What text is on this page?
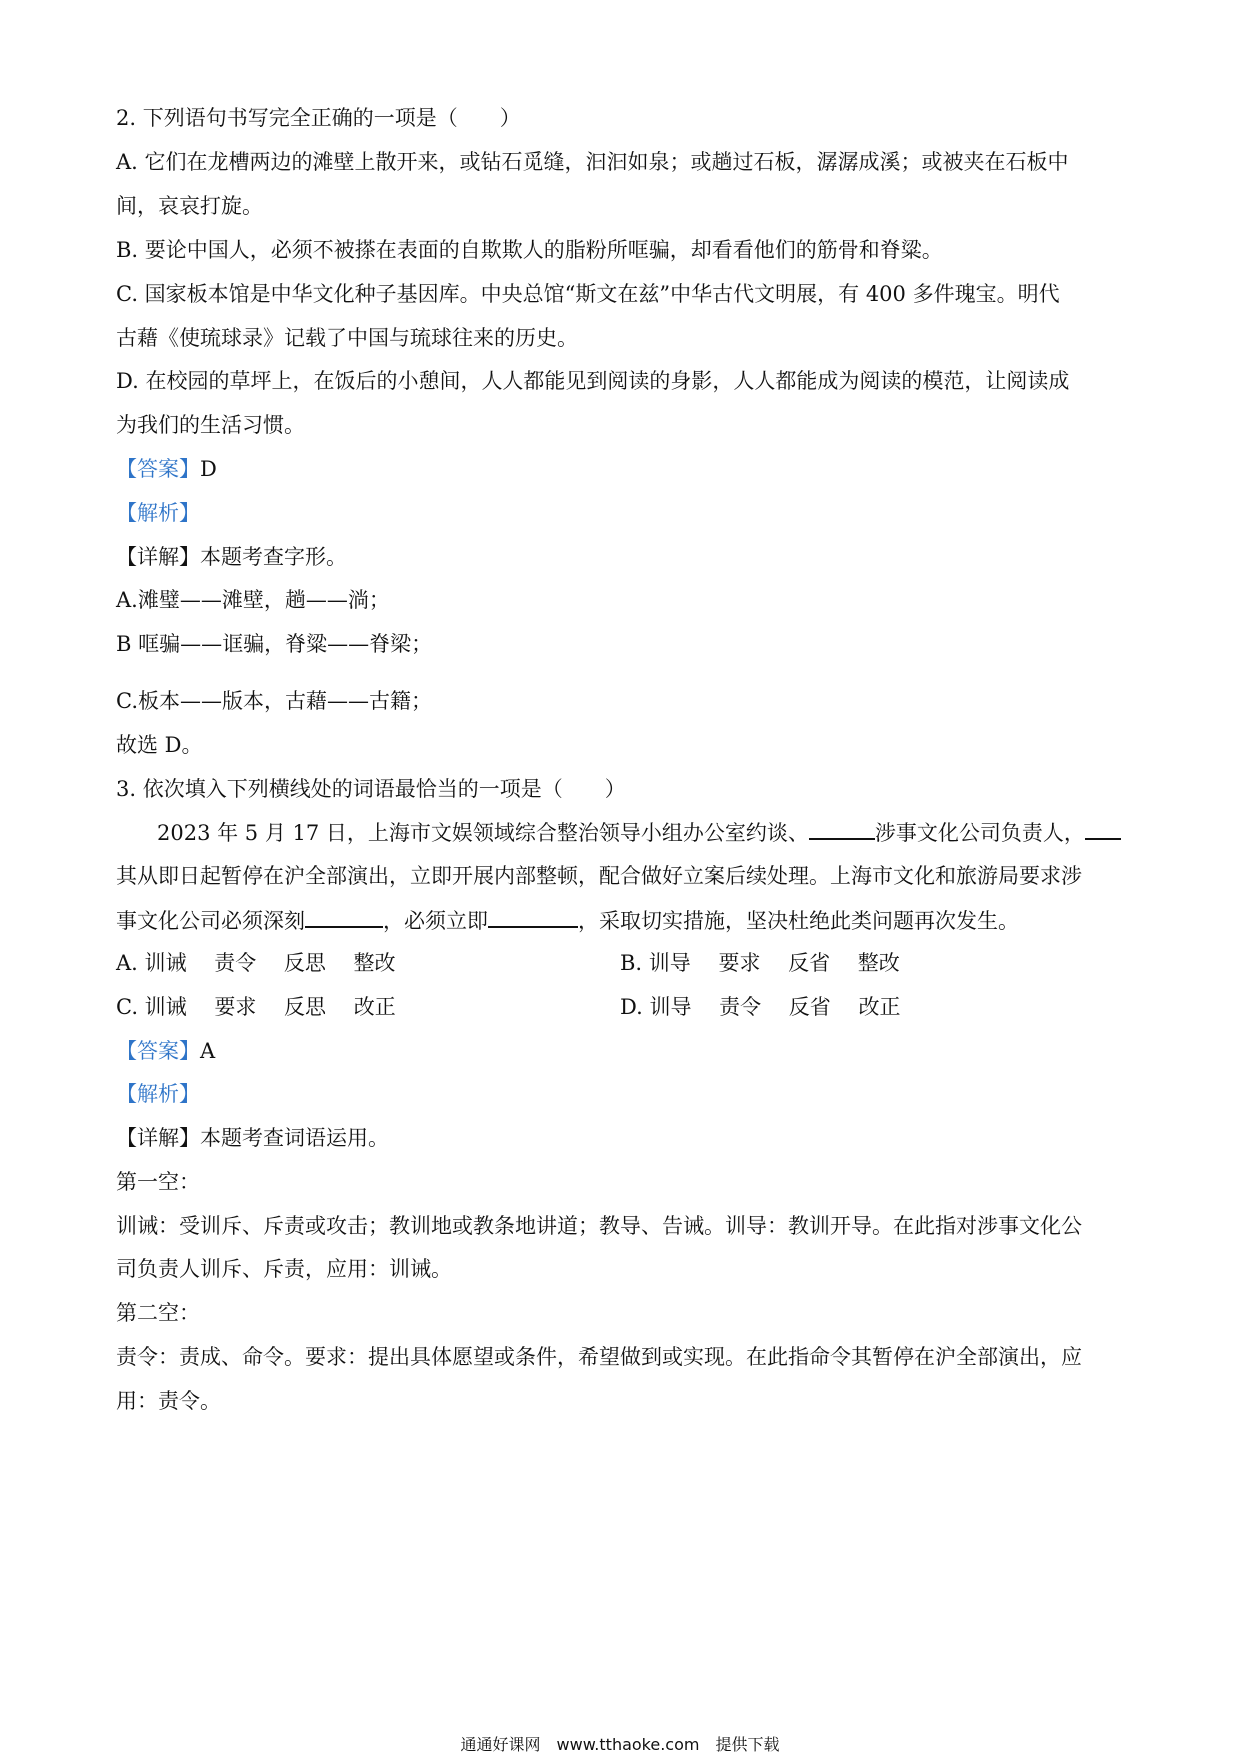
2. 下列语句书写完全正确的一项是（　　）
A. 它们在龙槽两边的滩壁上散开来，或钻石觅缝，汩汩如泉；或趟过石板，潺潺成溪；或被夹在石板中
间，哀哀打旋。
B. 要论中国人，必须不被搽在表面的自欺欺人的脂粉所哐骗，却看看他们的筋骨和脊粱。
C. 国家板本馆是中华文化种子基因库。中央总馆“斯文在兹”中华古代文明展，有 400 多件瑰宝。明代
古藉《使琉球录》记载了中国与琉球往来的历史。
D. 在校园的草坪上，在饭后的小憩间，人人都能见到阅读的身影，人人都能成为阅读的模范，让阅读成
为我们的生活习惯。
【答案】D
【解析】
【详解】本题考查字形。
A.滩璧——滩壁，趟——淌；
B 哐骗——诓骗，脊粱——脊梁；
C.板本——版本，古藉——古籍；
故选 D。
3. 依次填入下列横线处的词语最恰当的一项是（　　）
2023 年 5 月 17 日，上海市文娱领域综合整治领导小组办公室约谈、	涉事文化公司负责人，
其从即日起暂停在沪全部演出，立即开展内部整顿，配合做好立案后续处理。上海市文化和旅游局要求涉
事文化公司必须深刻	，必须立即	，采取切实措施，坚决杜绝此类问题再次发生。
A. 训诫　 责令　 反思　 整改	B. 训导　 要求　 反省　 整改
C. 训诫　 要求　 反思　 改正	D. 训导　 责令　 反省　 改正
【答案】A
【解析】
【详解】本题考查词语运用。
第一空：
训诫：受训斥、斥责或攻击；教训地或教条地讲道；教导、告诫。训导：教训开导。在此指对涉事文化公
司负责人训斥、斥责，应用：训诫。
第二空：
责令：责成、命令。要求：提出具体愿望或条件，希望做到或实现。在此指命令其暂停在沪全部演出，应
用：责令。
通通好课网　www.tthaoke.com　提供下载
